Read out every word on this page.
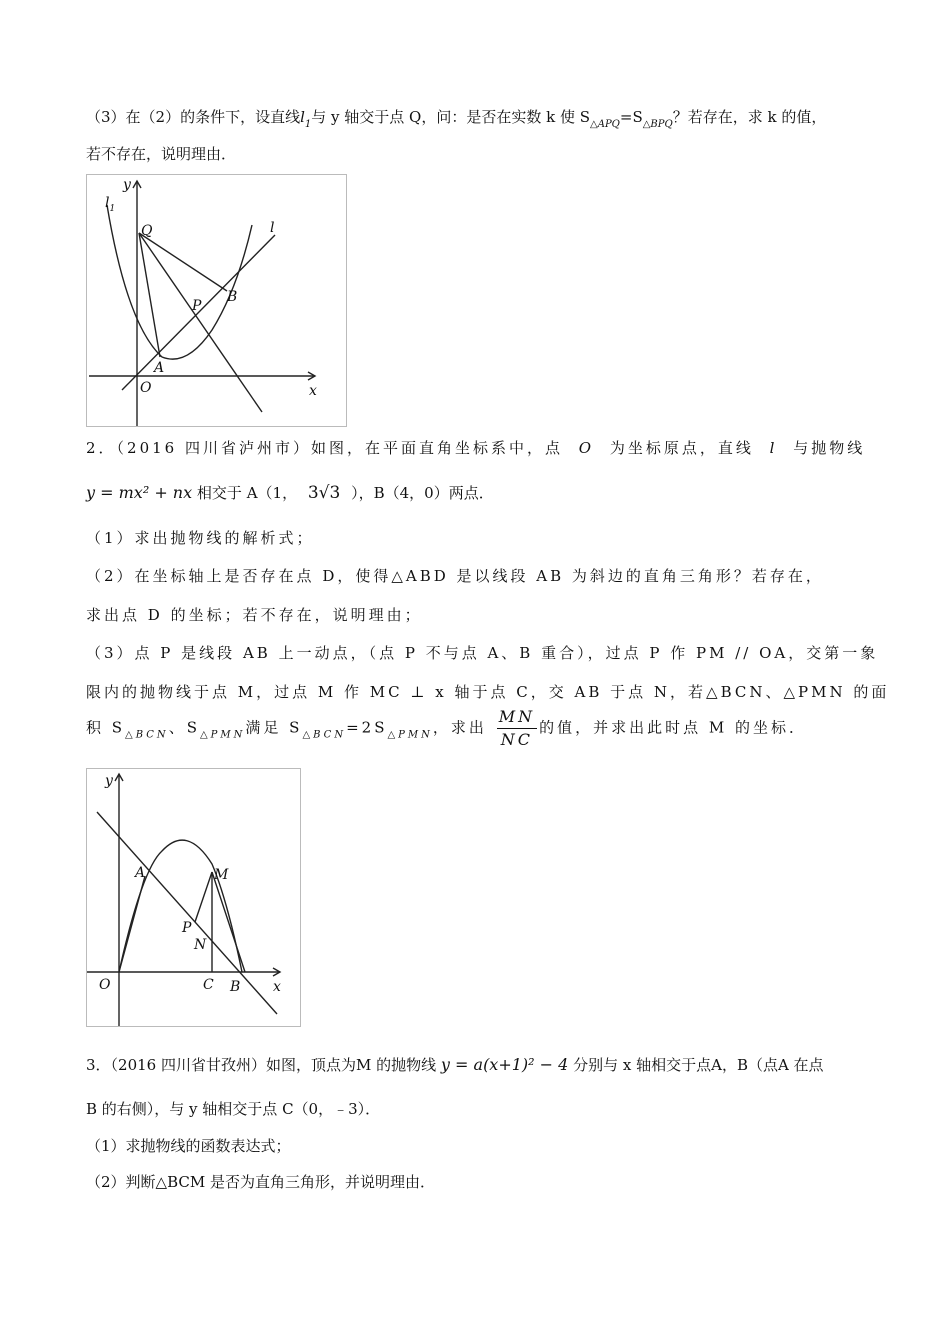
（3）在（2）的条件下，设直线$l_1$与 y 轴交于点 Q，问：是否在实数 k 使 $S_{\triangle APQ}=S_{\triangle BPQ}$？若存在，求 k 的值，
若不存在，说明理由．
y
x
O
Q	l
$l_1$
P
B
A
2．（2016 四川省泸州市）如图，在平面直角坐标系中，点 O 为坐标原点，直线 l 与抛物线
y = mx² + nx 相交于 A（1， 3√3 ），B（4，0）两点．
（1）求出抛物线的解析式；
（2）在坐标轴上是否存在点 D，使得△ABD 是以线段 AB 为斜边的直角三角形？若存在，
求出点 D 的坐标；若不存在，说明理由；
（3）点 P 是线段 AB 上一动点，（点 P 不与点 A、B 重合），过点 P 作 PM // OA，交第一象
限内的抛物线于点 M，过点 M 作 MC ⊥ x 轴于点 C，交 AB 于点 N，若△BCN、△PMN 的面
积 $S_{\triangle BCN}$、$S_{\triangle PMN}$满足 $S_{\triangle BCN}=2S_{\triangle PMN}$，求出 $\frac{MN}{NC}$ 的值，并求出此时点 M 的坐标．
y
x
O
A	M
P
N
C B
3．（2016 四川省甘孜州）如图，顶点为M 的抛物线 y = a(x+1)² − 4 分别与 x 轴相交于点A，B（点A 在点
B 的右侧），与 y 轴相交于点 C（0，﹣3）．
（1）求抛物线的函数表达式；
（2）判断△BCM 是否为直角三角形，并说明理由．
